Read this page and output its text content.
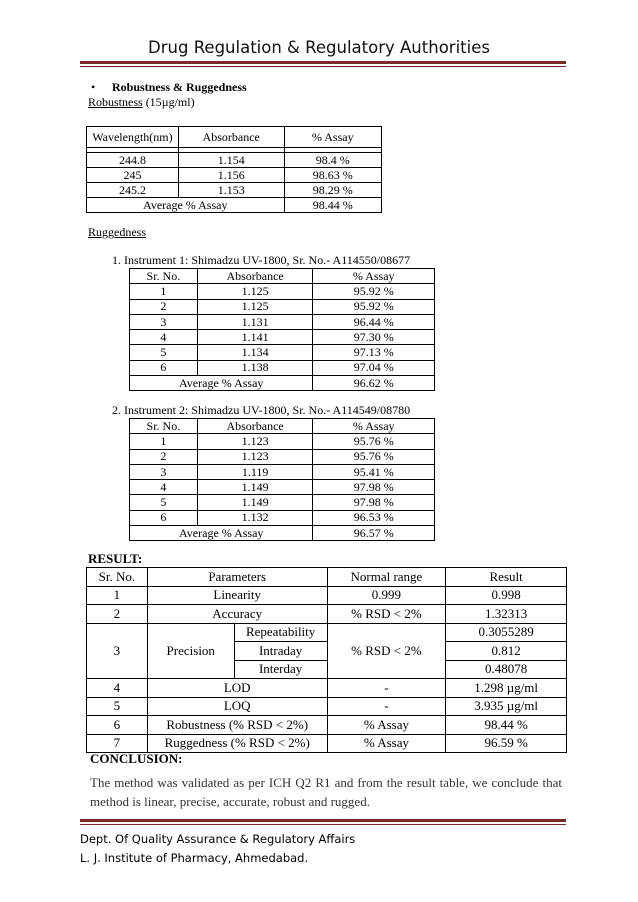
Drug Regulation & Regulatory Authorities
• Robustness & Ruggedness
Robustness (15µg/ml)
Wavelength(nm)	Absorbance	% Assay

244.8	1.154	98.4 %
245	1.156	98.63 %
245.2	1.153	98.29 %
Average % Assay		98.44 %
Ruggedness
1. Instrument 1: Shimadzu UV-1800, Sr. No.- A114550/08677
Sr. No.	Absorbance	% Assay
1	1.125	95.92 %
2	1.125	95.92 %
3	1.131	96.44 %
4	1.141	97.30 %
5	1.134	97.13 %
6	1.138	97.04 %
Average % Assay		96.62 %
2. Instrument 2: Shimadzu UV-1800, Sr. No.- A114549/08780
Sr. No.	Absorbance	% Assay
1	1.123	95.76 %
2	1.123	95.76 %
3	1.119	95.41 %
4	1.149	97.98 %
5	1.149	97.98 %
6	1.132	96.53 %
Average % Assay		96.57 %
RESULT:
Sr. No.	Parameters		Normal range	Result
1	Linearity		0.999	0.998
2	Accuracy		% RSD < 2%	1.32313
3	Precision	Repeatability	% RSD < 2%	0.3055289
		Intraday		0.812
		Interday		0.48078
4	LOD		-	1.298 µg/ml
5	LOQ		-	3.935 µg/ml
6	Robustness (% RSD < 2%)		% Assay	98.44 %
7	Ruggedness (% RSD < 2%)		% Assay	96.59 %
CONCLUSION:
The method was validated as per ICH Q2 R1 and from the result table, we conclude that method is linear, precise, accurate, robust and rugged.
Dept. Of Quality Assurance & Regulatory Affairs
L. J. Institute of Pharmacy, Ahmedabad.
